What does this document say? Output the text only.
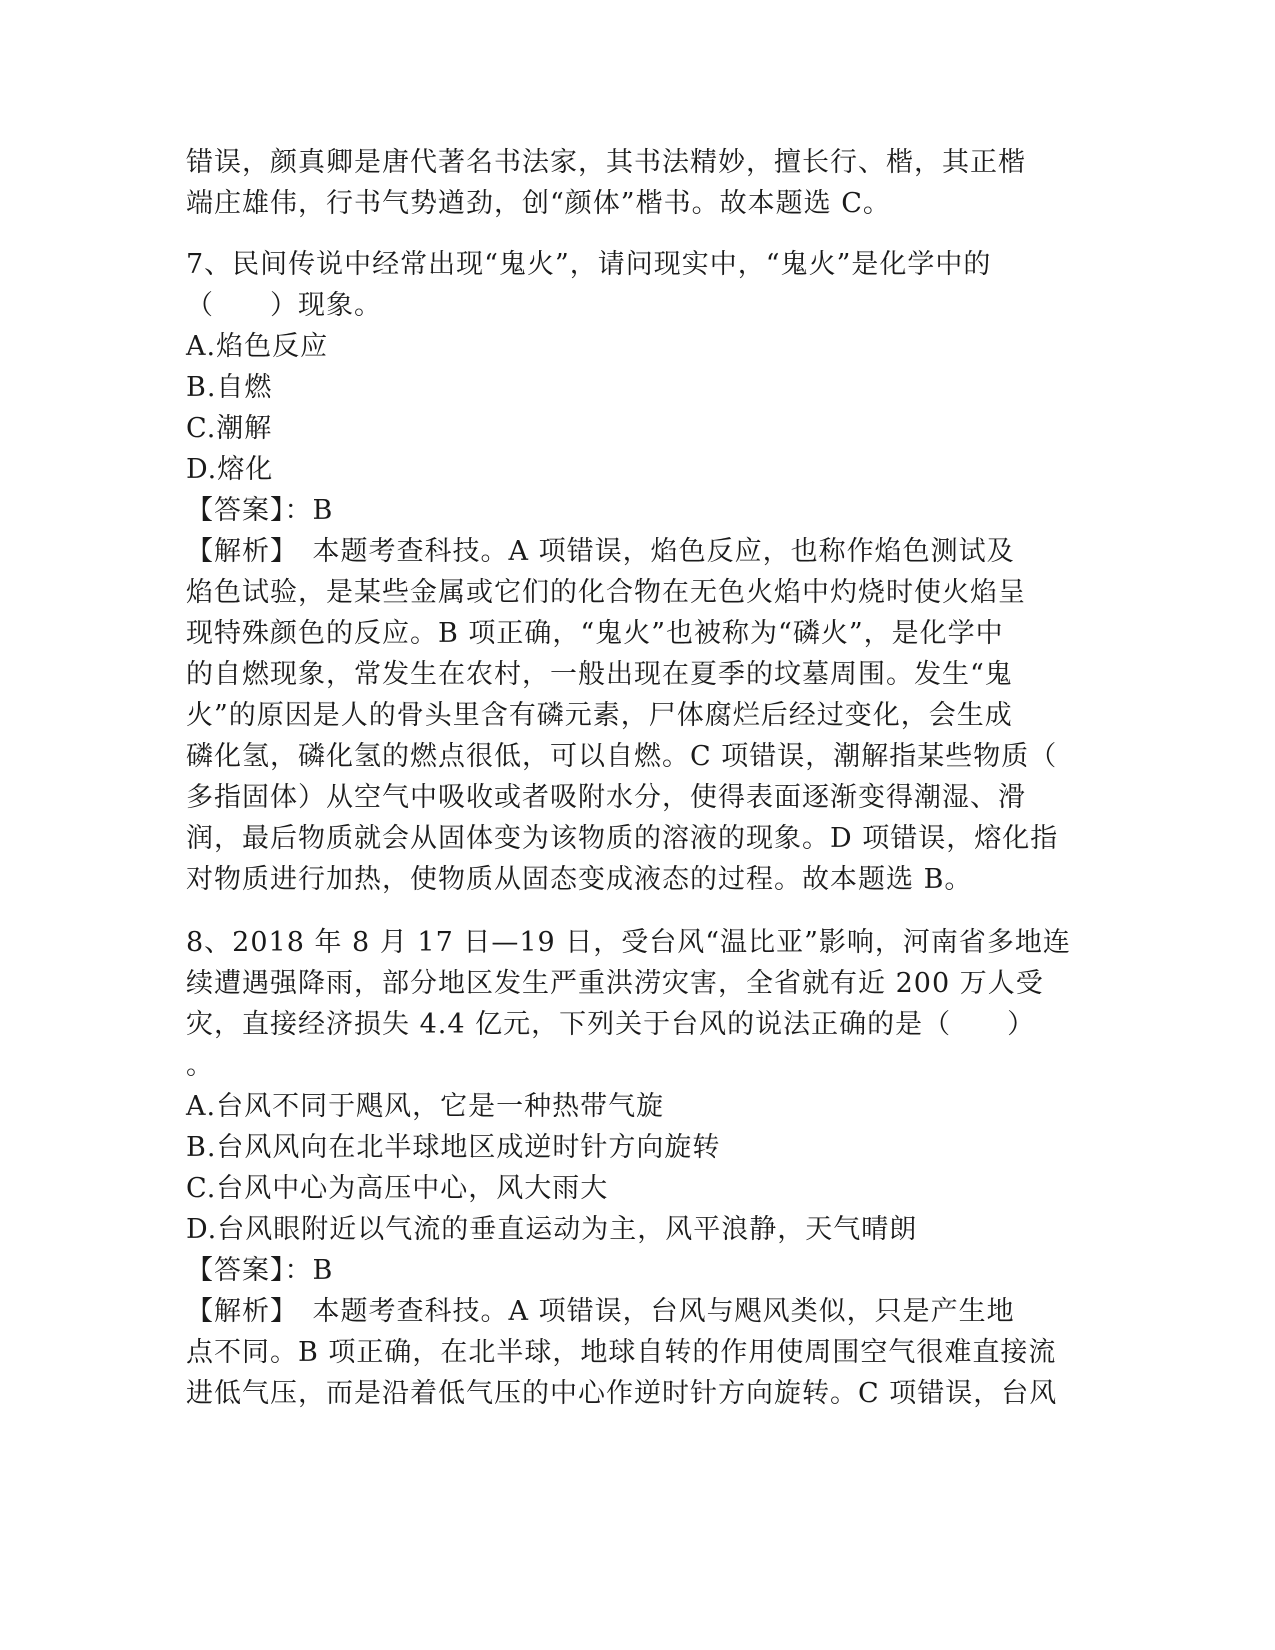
错误，颜真卿是唐代著名书法家，其书法精妙，擅长行、楷，其正楷
端庄雄伟，行书气势遒劲，创“颜体”楷书。故本题选 C。
7、民间传说中经常出现“鬼火”，请问现实中，“鬼火”是化学中的
（　　）现象。
A.焰色反应
B.自燃
C.潮解
D.熔化
【答案】：B
【解析】　本题考查科技。A 项错误，焰色反应，也称作焰色测试及
焰色试验，是某些金属或它们的化合物在无色火焰中灼烧时使火焰呈
现特殊颜色的反应。B 项正确，“鬼火”也被称为“磷火”，是化学中
的自燃现象，常发生在农村，一般出现在夏季的坟墓周围。发生“鬼
火”的原因是人的骨头里含有磷元素，尸体腐烂后经过变化，会生成
磷化氢，磷化氢的燃点很低，可以自燃。C 项错误，潮解指某些物质（
多指固体）从空气中吸收或者吸附水分，使得表面逐渐变得潮湿、滑
润，最后物质就会从固体变为该物质的溶液的现象。D 项错误，熔化指
对物质进行加热，使物质从固态变成液态的过程。故本题选 B。
8、2018 年 8 月 17 日—19 日，受台风“温比亚”影响，河南省多地连
续遭遇强降雨，部分地区发生严重洪涝灾害，全省就有近 200 万人受
灾，直接经济损失 4.4 亿元，下列关于台风的说法正确的是（　　）
。
A.台风不同于飓风，它是一种热带气旋
B.台风风向在北半球地区成逆时针方向旋转
C.台风中心为高压中心，风大雨大
D.台风眼附近以气流的垂直运动为主，风平浪静，天气晴朗
【答案】：B
【解析】　本题考查科技。A 项错误，台风与飓风类似，只是产生地
点不同。B 项正确，在北半球，地球自转的作用使周围空气很难直接流
进低气压，而是沿着低气压的中心作逆时针方向旋转。C 项错误，台风
